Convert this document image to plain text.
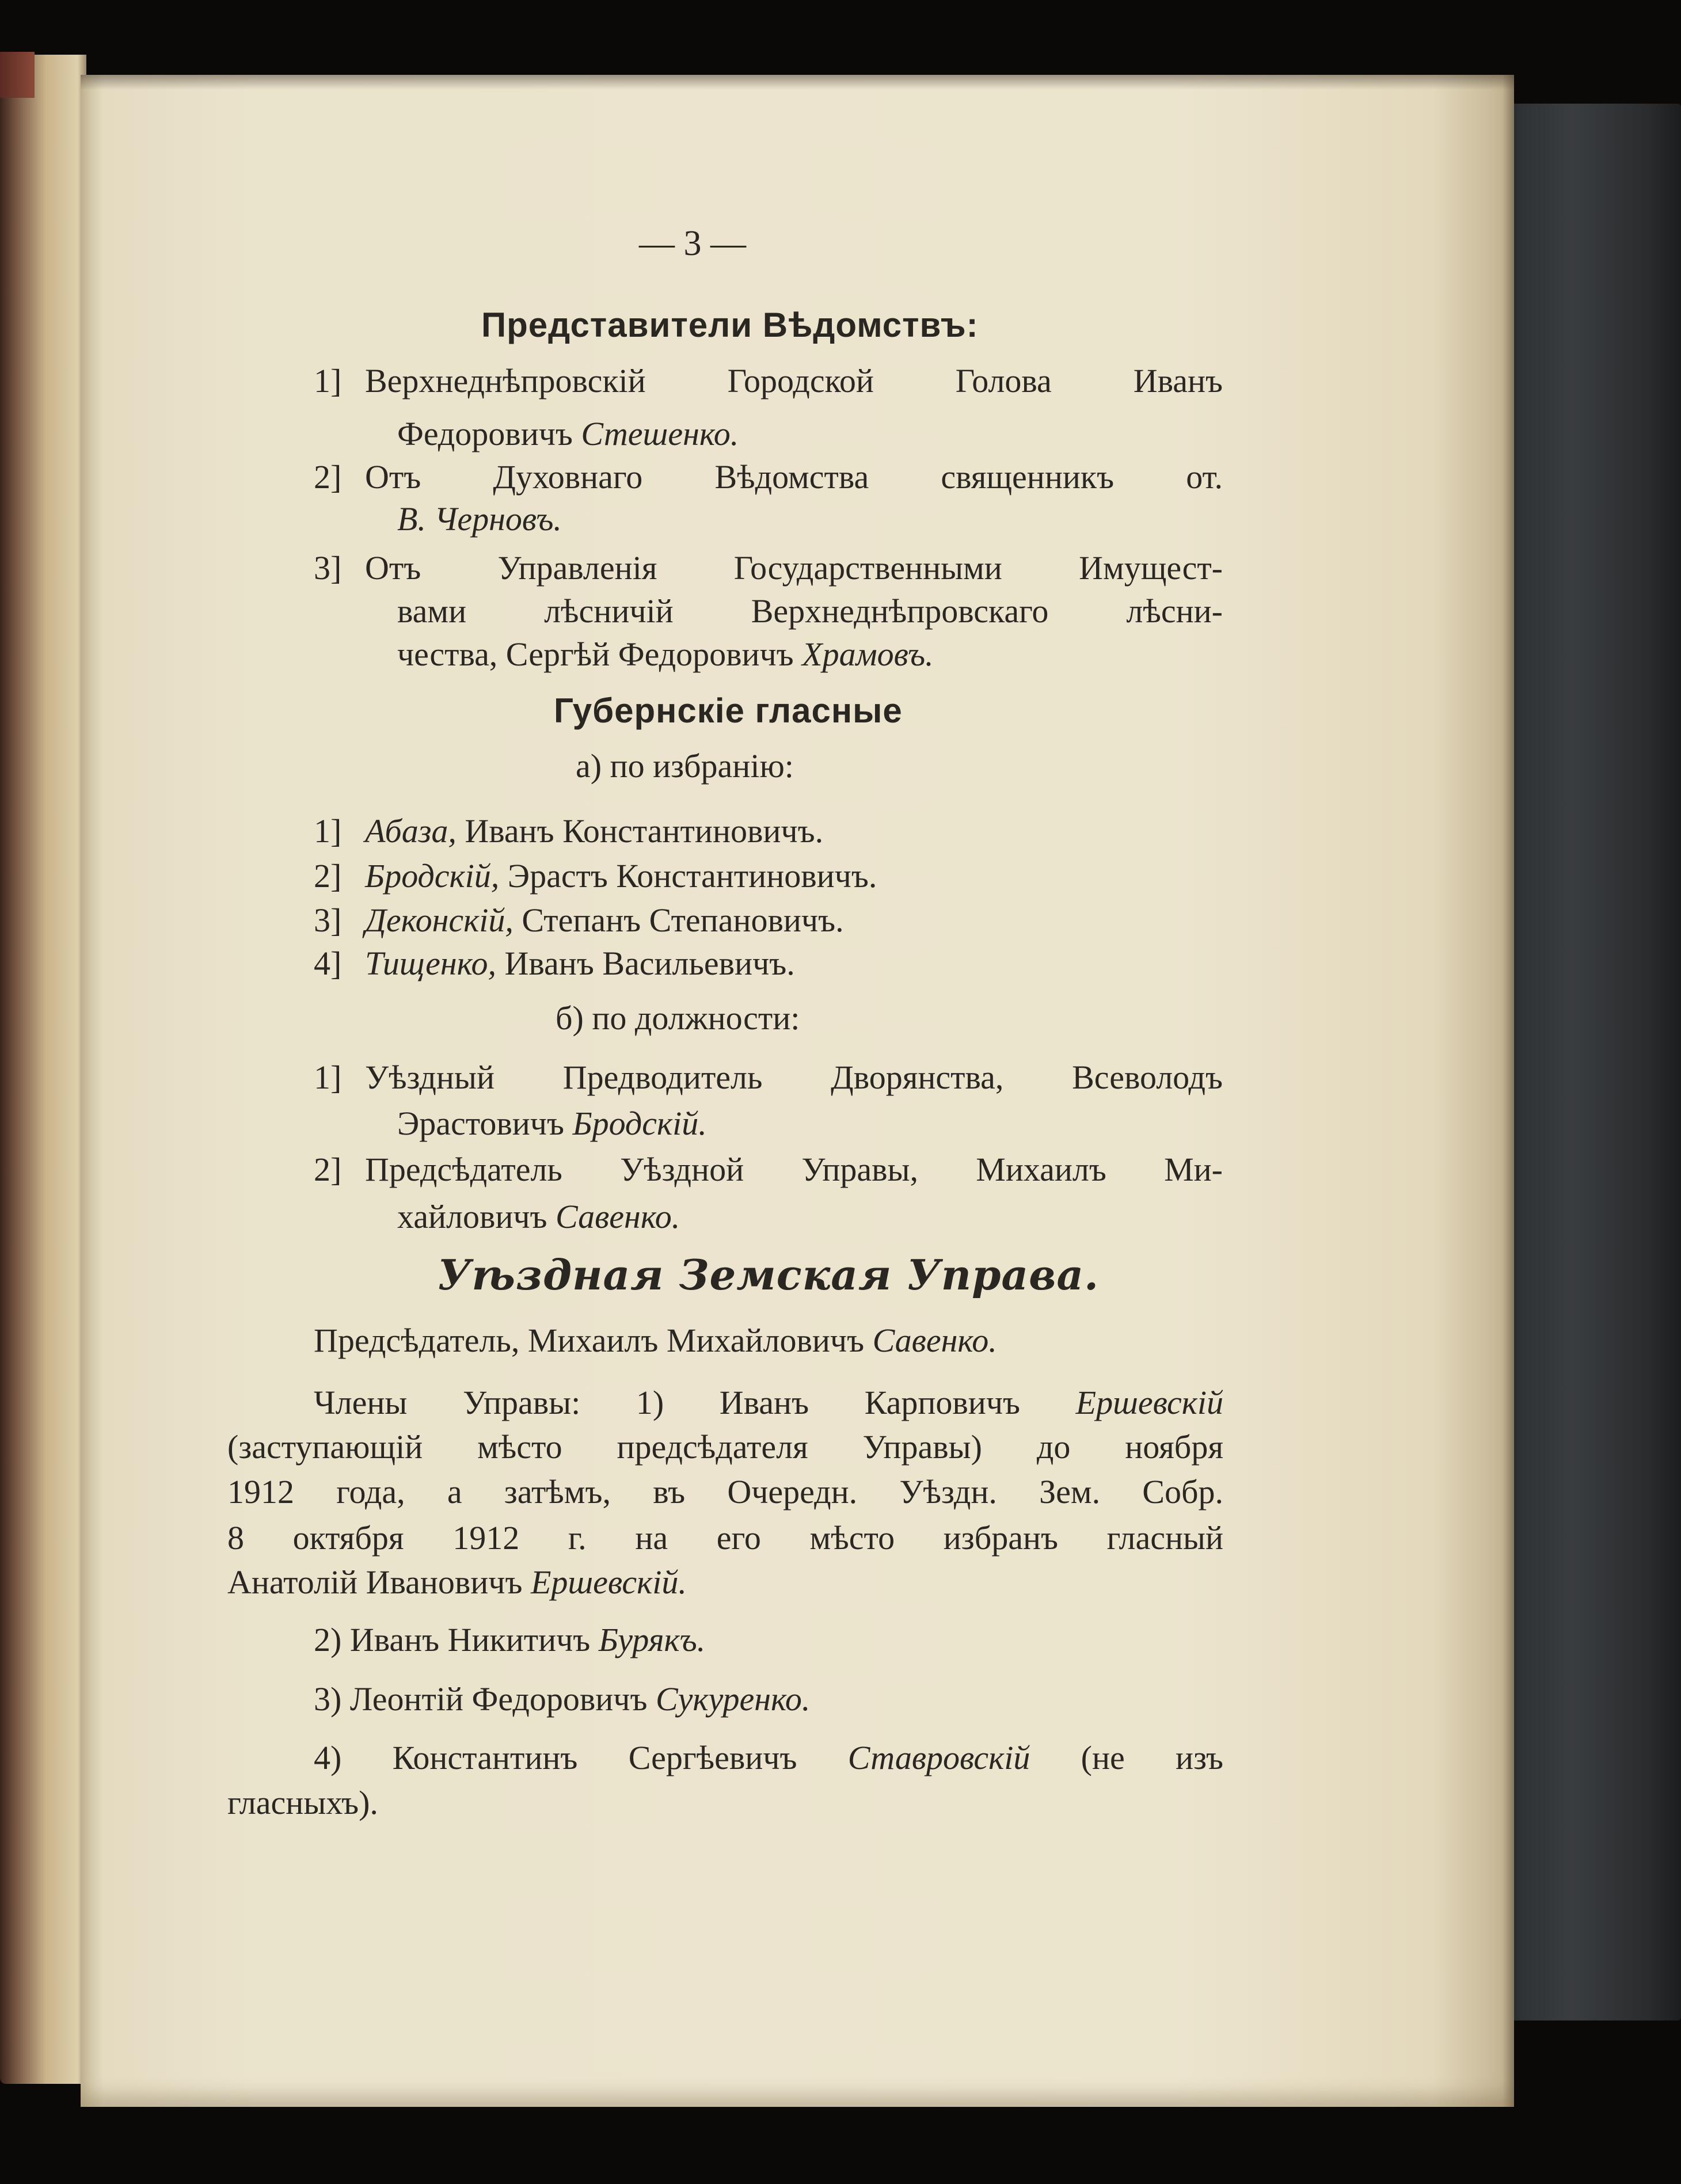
— 3 —
Представители Вѣдомствъ:
1] Верхнеднѣпровскій Городской Голова Иванъ
Федоровичъ Стешенко.
2] Отъ Духовнаго Вѣдомства священникъ от.
В. Черновъ.
3] Отъ Управленія Государственными Имущест-
вами лѣсничій Верхнеднѣпровскаго лѣсни-
чества, Сергѣй Федоровичъ Храмовъ.
Губернскіе гласные
а) по избранію:
1] Абаза, Иванъ Константиновичъ.
2] Бродскій, Эрастъ Константиновичъ.
3] Деконскій, Степанъ Степановичъ.
4] Тищенко, Иванъ Васильевичъ.
б) по должности:
1] Уѣздный Предводитель Дворянства, Всеволодъ
Эрастовичъ Бродскій.
2] Предсѣдатель Уѣздной Управы, Михаилъ Ми-
хайловичъ Савенко.
Уѣздная Земская Управа.
Предсѣдатель, Михаилъ Михайловичъ Савенко.
Члены Управы: 1) Иванъ Карповичъ Ершевскій
(заступающій мѣсто предсѣдателя Управы) до ноября
1912 года, а затѣмъ, въ Очередн. Уѣздн. Зем. Собр.
8 октября 1912 г. на его мѣсто избранъ гласный
Анатолій Ивановичъ Ершевскій.
2) Иванъ Никитичъ Бурякъ.
3) Леонтій Федоровичъ Сукуренко.
4) Константинъ Сергѣевичъ Ставровскій (не изъ
гласныхъ).
